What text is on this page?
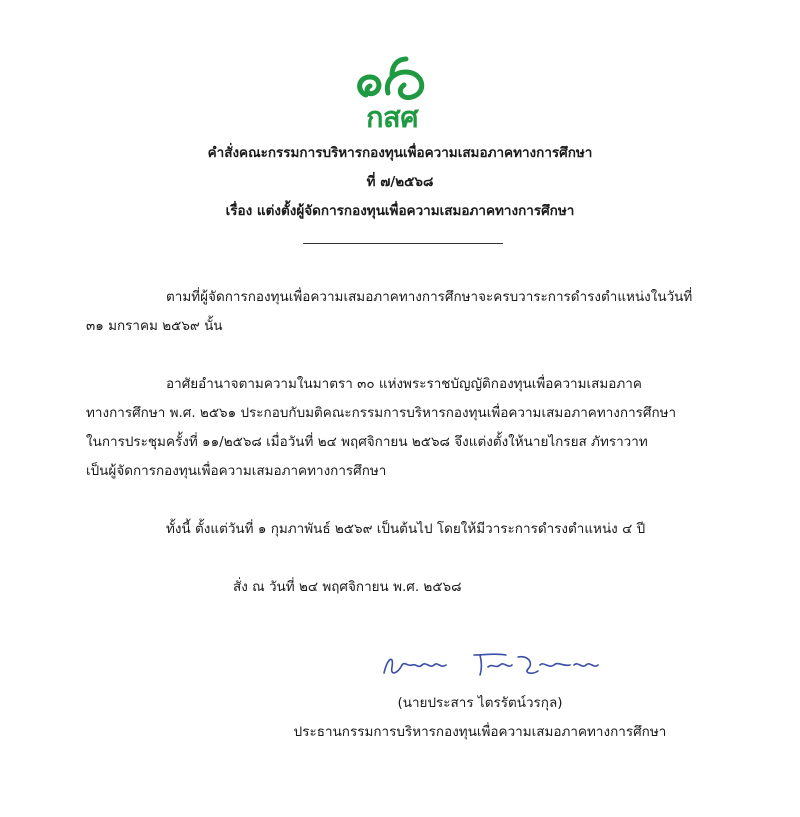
กสศ
คำสั่งคณะกรรมการบริหารกองทุนเพื่อความเสมอภาคทางการศึกษา
ที่ ๗/๒๕๖๘
เรื่อง แต่งตั้งผู้จัดการกองทุนเพื่อความเสมอภาคทางการศึกษา
ตามที่ผู้จัดการกองทุนเพื่อความเสมอภาคทางการศึกษาจะครบวาระการดำรงตำแหน่งในวันที่
๓๑ มกราคม ๒๕๖๙ นั้น
อาศัยอำนาจตามความในมาตรา ๓๐ แห่งพระราชบัญญัติกองทุนเพื่อความเสมอภาค
ทางการศึกษา พ.ศ. ๒๕๖๑ ประกอบกับมติคณะกรรมการบริหารกองทุนเพื่อความเสมอภาคทางการศึกษา
ในการประชุมครั้งที่ ๑๑/๒๕๖๘ เมื่อวันที่ ๒๔ พฤศจิกายน ๒๕๖๘ จึงแต่งตั้งให้นายไกรยส ภัทราวาท
เป็นผู้จัดการกองทุนเพื่อความเสมอภาคทางการศึกษา
ทั้งนี้ ตั้งแต่วันที่ ๑ กุมภาพันธ์ ๒๕๖๙ เป็นต้นไป โดยให้มีวาระการดำรงตำแหน่ง ๔ ปี
สั่ง ณ วันที่ ๒๔ พฤศจิกายน พ.ศ. ๒๕๖๘
(นายประสาร ไตรรัตน์วรกุล)
ประธานกรรมการบริหารกองทุนเพื่อความเสมอภาคทางการศึกษา
